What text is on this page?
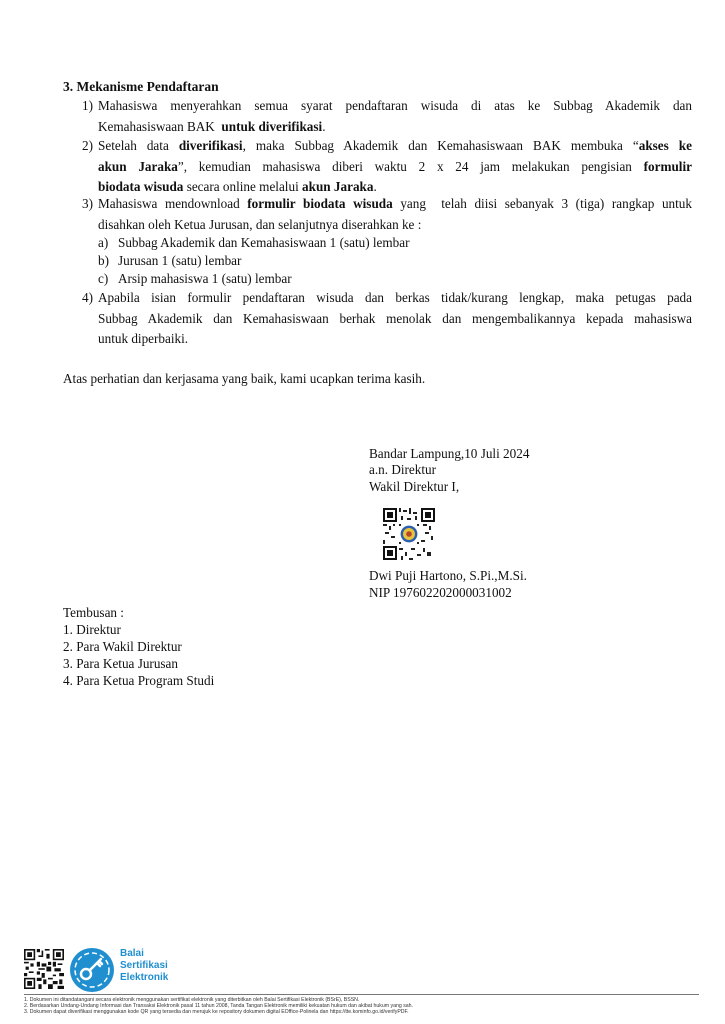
3. Mekanisme Pendaftaran
1) Mahasiswa menyerahkan semua syarat pendaftaran wisuda di atas ke Subbag Akademik dan
Kemahasiswaan BAK  untuk diverifikasi.
2) Setelah data diverifikasi, maka Subbag Akademik dan Kemahasiswaan BAK membuka “akses ke
akun Jaraka”, kemudian mahasiswa diberi waktu 2 x 24 jam melakukan pengisian formulir
biodata wisuda secara online melalui akun Jaraka.
3) Mahasiswa mendownload formulir biodata wisuda yang  telah diisi sebanyak 3 (tiga) rangkap untuk
disahkan oleh Ketua Jurusan, dan selanjutnya diserahkan ke :
a) Subbag Akademik dan Kemahasiswaan 1 (satu) lembar
b) Jurusan 1 (satu) lembar
c) Arsip mahasiswa 1 (satu) lembar
4) Apabila isian formulir pendaftaran wisuda dan berkas tidak/kurang lengkap, maka petugas pada
Subbag Akademik dan Kemahasiswaan berhak menolak dan mengembalikannya kepada mahasiswa
untuk diperbaiki.
Atas perhatian dan kerjasama yang baik, kami ucapkan terima kasih.
Bandar Lampung,10 Juli 2024
a.n. Direktur
Wakil Direktur I,
Dwi Puji Hartono, S.Pi.,M.Si.
NIP 197602202000031002
Tembusan :
1. Direktur
2. Para Wakil Direktur
3. Para Ketua Jurusan
4. Para Ketua Program Studi
Balai
Sertifikasi
Elektronik
1. Dokumen ini ditandatangani secara elektronik menggunakan sertifikat elektronik yang diterbitkan oleh Balai Sertifikasi Elektronik (BSrE), BSSN.
2. Berdasarkan Undang-Undang Informasi dan Transaksi Elektronik pasal 11 tahun 2008, Tanda Tangan Elektronik memiliki kekuatan hukum dan akibat hukum yang sah.
3. Dokumen dapat diverifikasi menggunakan kode QR yang tersedia dan merujuk ke repository dokumen digital EOffice-Polinela dan https://tte.kominfo.go.id/verifyPDF.
